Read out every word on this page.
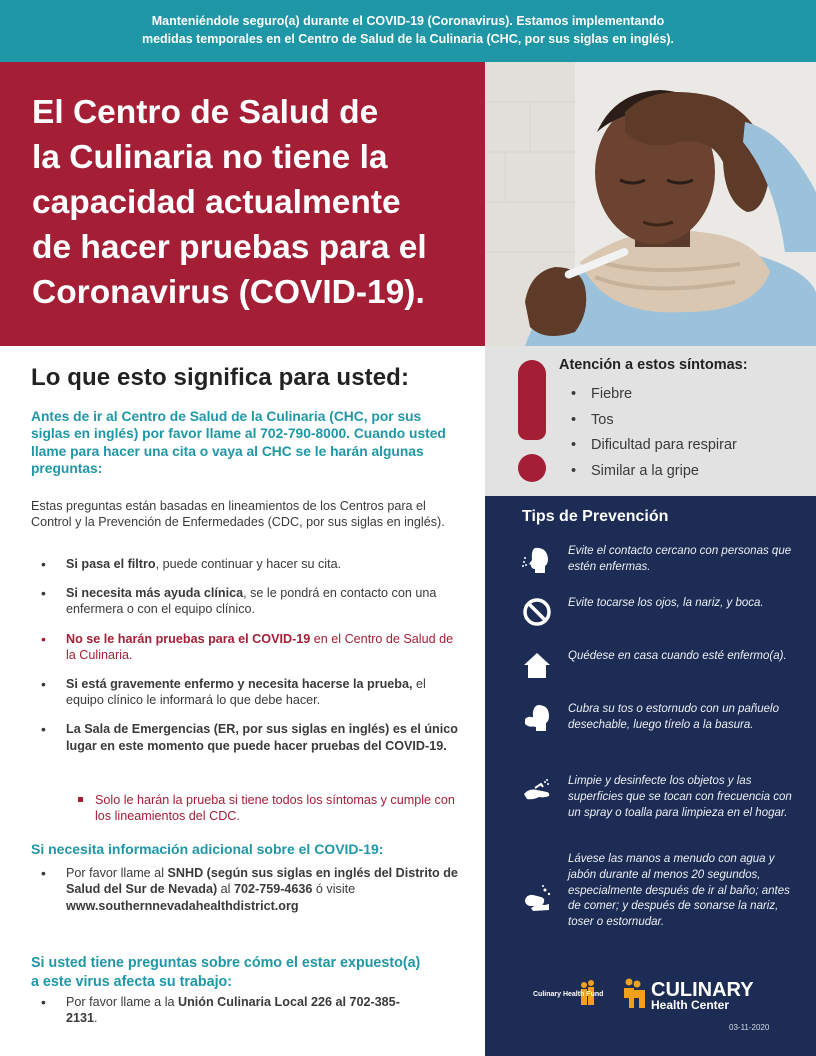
Manteniéndole seguro(a) durante el COVID-19 (Coronavirus). Estamos implementando
medidas temporales en el Centro de Salud de la Culinaria (CHC, por sus siglas en inglés).
El Centro de Salud de
la Culinaria no tiene la
capacidad actualmente
de hacer pruebas para el
Coronavirus (COVID-19).
Lo que esto significa para usted:
Antes de ir al Centro de Salud de la Culinaria (CHC, por sus siglas en inglés) por favor llame al 702-790-8000. Cuando usted llame para hacer una cita o vaya al CHC se le harán algunas preguntas:
Estas preguntas están basadas en lineamientos de los Centros para el Control y la Prevención de Enfermedades (CDC, por sus siglas en inglés).
• Si pasa el filtro, puede continuar y hacer su cita.
• Si necesita más ayuda clínica, se le pondrá en contacto con una enfermera o con el equipo clínico.
• No se le harán pruebas para el COVID-19 en el Centro de Salud de la Culinaria.
• Si está gravemente enfermo y necesita hacerse la prueba, el equipo clínico le informará lo que debe hacer.
• La Sala de Emergencias (ER, por sus siglas en inglés) es el único lugar en este momento que puede hacer pruebas del COVID-19.
Solo le harán la prueba si tiene todos los síntomas y cumple con los lineamientos del CDC.
Si necesita información adicional sobre el COVID-19:
• Por favor llame al SNHD (según sus siglas en inglés del Distrito de Salud del Sur de Nevada) al 702-759-4636 ó visite www.southernnevadahealthdistrict.org
Si usted tiene preguntas sobre cómo el estar expuesto(a) a este virus afecta su trabajo:
• Por favor llame a la Unión Culinaria Local 226 al 702-385-2131.
Atención a estos síntomas:
• Fiebre
• Tos
• Dificultad para respirar
• Similar a la gripe
Tips de Prevención
Evite el contacto cercano con personas que estén enfermas.
Evite tocarse los ojos, la nariz, y boca.
Quédese en casa cuando esté enfermo(a).
Cubra su tos o estornudo con un pañuelo desechable, luego tírelo a la basura.
Limpie y desinfecte los objetos y las superficies que se tocan con frecuencia con un spray o toalla para limpieza en el hogar.
Lávese las manos a menudo con agua y jabón durante al menos 20 segundos, especialmente después de ir al baño; antes de comer; y después de sonarse la nariz, toser o estornudar.
Culinary Health Fund CULINARY
Health Center
03-11-2020
